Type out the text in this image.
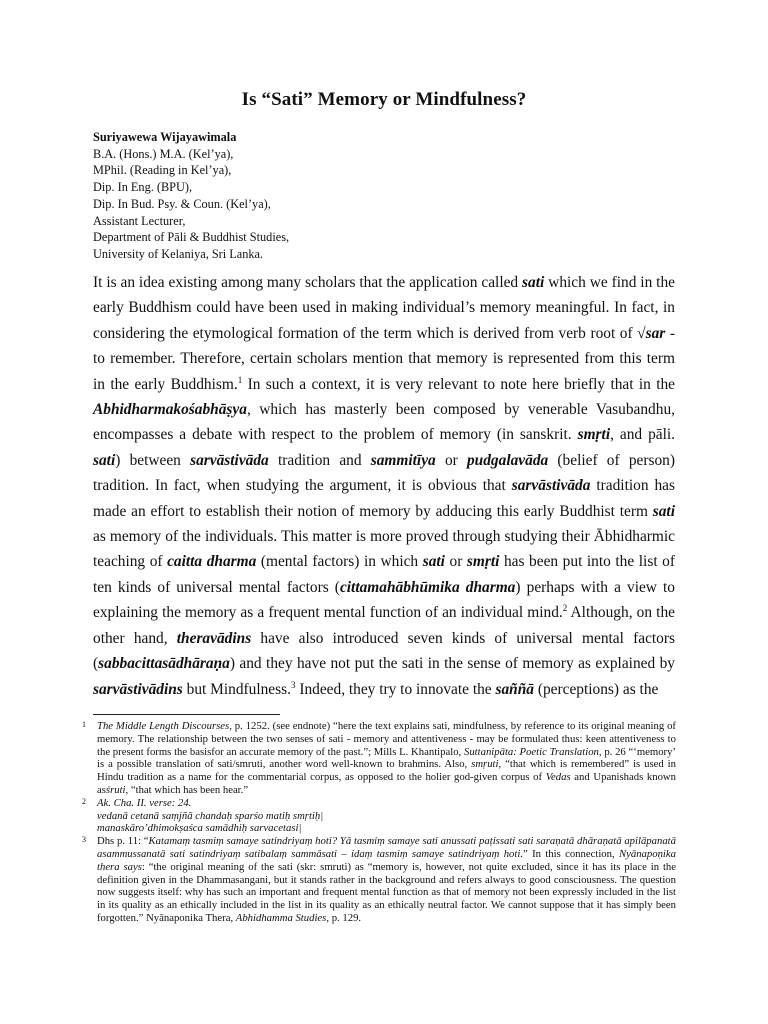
Is “Sati” Memory or Mindfulness?
Suriyawewa Wijayawimala
B.A. (Hons.) M.A. (Kel’ya),
MPhil. (Reading in Kel’ya),
Dip. In Eng. (BPU),
Dip. In Bud. Psy. & Coun. (Kel’ya),
Assistant Lecturer,
Department of Pāli & Buddhist Studies,
University of Kelaniya, Sri Lanka.

It is an idea existing among many scholars that the application called sati which we find in the early Buddhism could have been used in making individual’s memory meaningful. In fact, in considering the etymological formation of the term which is derived from verb root of √sar - to remember. Therefore, certain scholars mention that memory is represented from this term in the early Buddhism.$^1$ In such a context, it is very relevant to note here briefly that in the Abhidharmakośabhāṣya, which has masterly been composed by venerable Vasubandhu, encompasses a debate with respect to the problem of memory (in sanskrit. smṛti, and pāli. sati) between sarvāstivāda tradition and sammitīya or pudgalavāda (belief of person) tradition. In fact, when studying the argument, it is obvious that sarvāstivāda tradition has made an effort to establish their notion of memory by adducing this early Buddhist term sati as memory of the individuals. This matter is more proved through studying their Ābhidharmic teaching of caitta dharma (mental factors) in which sati or smṛti has been put into the list of ten kinds of universal mental factors (cittamahābhūmika dharma) perhaps with a view to explaining the memory as a frequent mental function of an individual mind.$^2$ Although, on the other hand, theravādins have also introduced seven kinds of universal mental factors (sabbacittasādhāraṇa) and they have not put the sati in the sense of memory as explained by sarvāstivādins but Mindfulness.$^3$ Indeed, they try to innovate the saññā (perceptions) as the

1 The Middle Length Discourses, p. 1252. (see endnote) “here the text explains sati, mindfulness, by reference to its original meaning of memory. The relationship between the two senses of sati - memory and attentiveness - may be formulated thus: keen attentiveness to the present forms the basisfor an accurate memory of the past.”; Mills L. Khantipalo, Suttanipāta: Poetic Translation, p. 26 “‘memory’ is a possible translation of sati/smruti, another word well-known to brahmins. Also, smṛuti, “that which is remembered” is used in Hindu tradition as a name for the commentarial corpus, as opposed to the holier god-given corpus of Vedas and Upanishads known asśruti, “that which has been hear.”

2 Ak. Cha. II. verse: 24.
vedanā cetanā saṃjñā chandaḥ sparśo matiḥ smṛtiḥ|
manaskāro’dhimokṣaśca samādhiḥ sarvacetasi|

3 Dhs p. 11: “Katamaṃ tasmiṃ samaye satindriyaṃ hoti? Yā tasmiṃ samaye sati anussati paṭissati sati saraṇatā dhāraṇatā apilāpanatā asammussanatā sati satindriyaṃ satibalaṃ sammāsati – idaṃ tasmiṃ samaye satindriyaṃ hoti.” In this connection, Nyānapoṇika thera says: “the original meaning of the sati (skr: smruti) as “memory is, however, not quite excluded, since it has its place in the definition given in the Dhammasangani, but it stands rather in the background and refers always to good consciousness. The question now suggests itself: why has such an important and frequent mental function as that of memory not been expressly included in the list in its quality as an ethically included in the list in its quality as an ethically neutral factor. We cannot suppose that it has simply been forgotten.” Nyānaponika Thera, Abhidhamma Studies, p. 129.
